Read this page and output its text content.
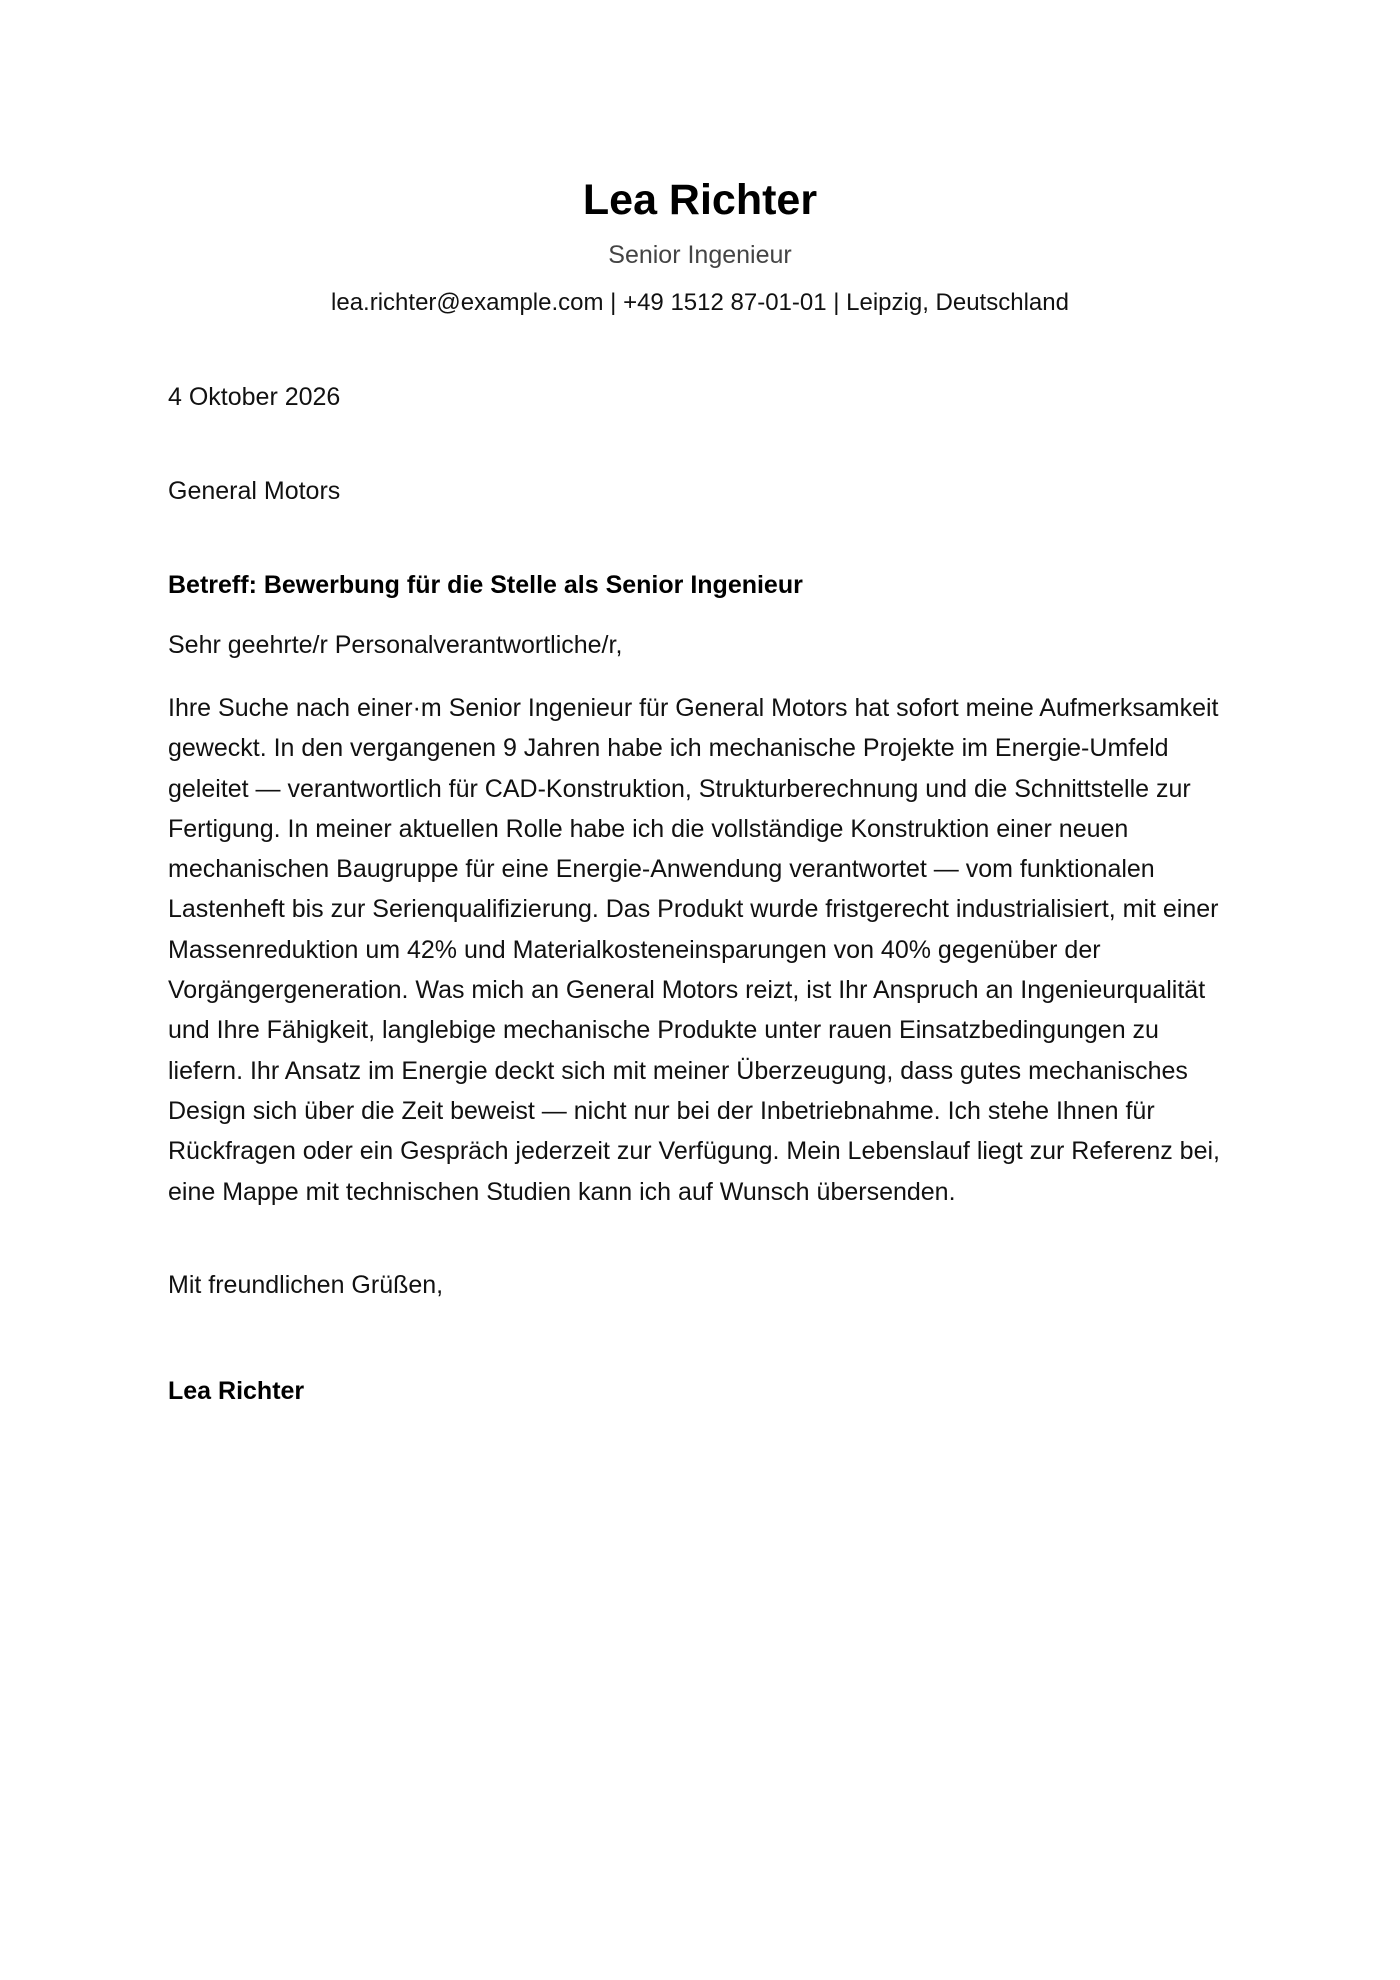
Lea Richter
Senior Ingenieur
lea.richter@example.com | +49 1512 87-01-01 | Leipzig, Deutschland
4 Oktober 2026
General Motors
Betreff: Bewerbung für die Stelle als Senior Ingenieur
Sehr geehrte/r Personalverantwortliche/r,

Ihre Suche nach einer·m Senior Ingenieur für General Motors hat sofort meine Aufmerksamkeit geweckt. In den vergangenen 9 Jahren habe ich mechanische Projekte im Energie-Umfeld geleitet — verantwortlich für CAD-Konstruktion, Strukturberechnung und die Schnittstelle zur Fertigung. In meiner aktuellen Rolle habe ich die vollständige Konstruktion einer neuen mechanischen Baugruppe für eine Energie-Anwendung verantwortet — vom funktionalen Lastenheft bis zur Serienqualifizierung. Das Produkt wurde fristgerecht industrialisiert, mit einer Massenreduktion um 42% und Materialkosteneinsparungen von 40% gegenüber der Vorgängergeneration. Was mich an General Motors reizt, ist Ihr Anspruch an Ingenieurqualität und Ihre Fähigkeit, langlebige mechanische Produkte unter rauen Einsatzbedingungen zu liefern. Ihr Ansatz im Energie deckt sich mit meiner Überzeugung, dass gutes mechanisches Design sich über die Zeit beweist — nicht nur bei der Inbetriebnahme. Ich stehe Ihnen für Rückfragen oder ein Gespräch jederzeit zur Verfügung. Mein Lebenslauf liegt zur Referenz bei, eine Mappe mit technischen Studien kann ich auf Wunsch übersenden.

Mit freundlichen Grüßen,
Lea Richter
